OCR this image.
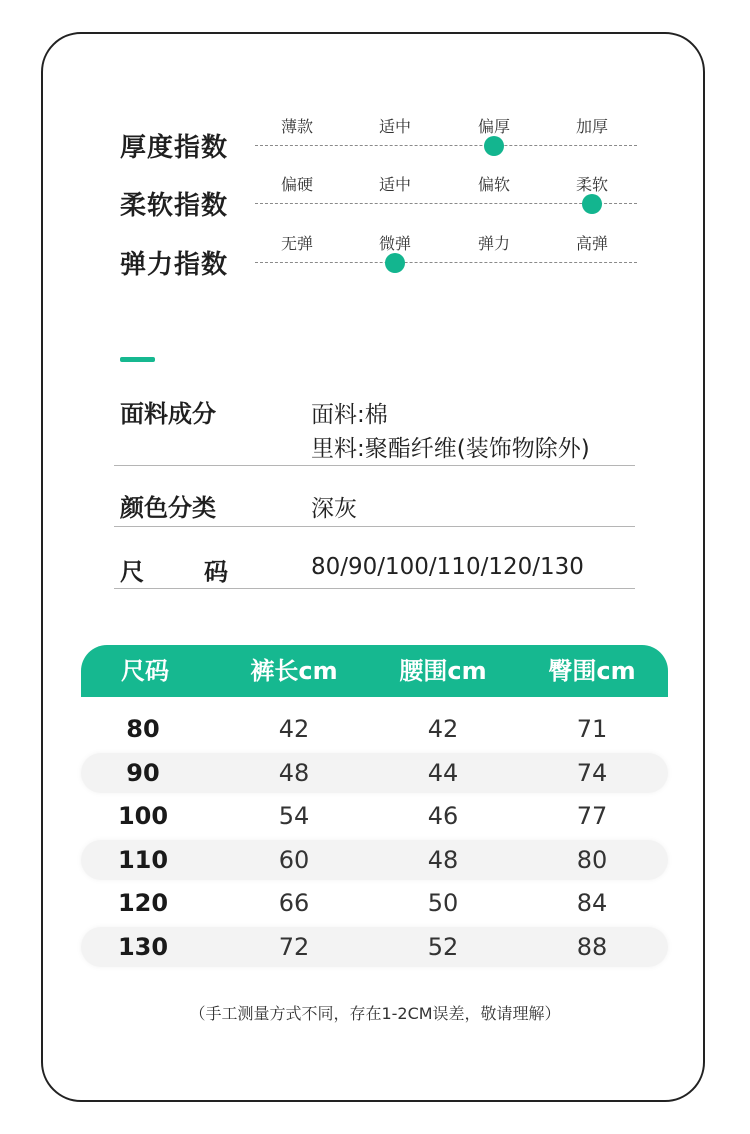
厚度指数
薄款	适中	偏厚	加厚
柔软指数
偏硬	适中	偏软	柔软
弹力指数
无弹	微弹	弹力	高弹
面料成分	面料:棉
里料:聚酯纤维(装饰物除外)
颜色分类	深灰
尺	码	80/90/100/110/120/130
尺码	裤长cm	腰围cm	臀围cm
80	42	42	71
90	48	44	74
100	54	46	77
110	60	48	80
120	66	50	84
130	72	52	88
（手工测量方式不同，存在1-2CM误差，敬请理解）
